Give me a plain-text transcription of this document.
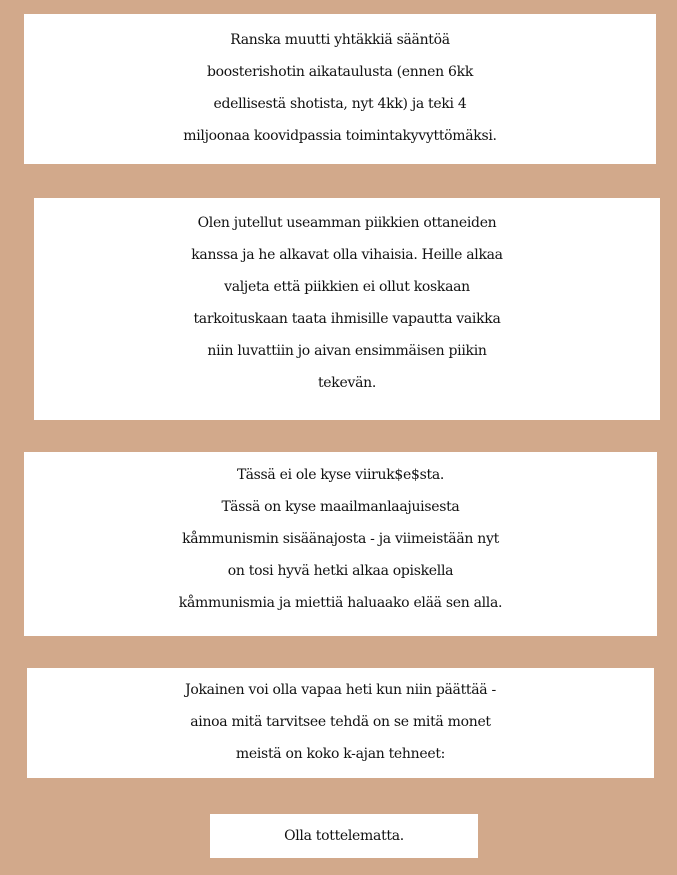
Ranska muutti yhtäkkiä sääntöä
boosterishotin aikataulusta (ennen 6kk
edellisestä shotista, nyt 4kk) ja teki 4
miljoonaa koovidpassia toimintakyvyttömäksi.
Olen jutellut useamman piikkien ottaneiden
kanssa ja he alkavat olla vihaisia. Heille alkaa
valjeta että piikkien ei ollut koskaan
tarkoituskaan taata ihmisille vapautta vaikka
niin luvattiin jo aivan ensimmäisen piikin
tekevän.
Tässä ei ole kyse viiruk$e$sta.
Tässä on kyse maailmanlaajuisesta
kåmmunismin sisäänajosta - ja viimeistään nyt
on tosi hyvä hetki alkaa opiskella
kåmmunismia ja miettiä haluaako elää sen alla.
Jokainen voi olla vapaa heti kun niin päättää -
ainoa mitä tarvitsee tehdä on se mitä monet
meistä on koko k-ajan tehneet:
Olla tottelematta.
